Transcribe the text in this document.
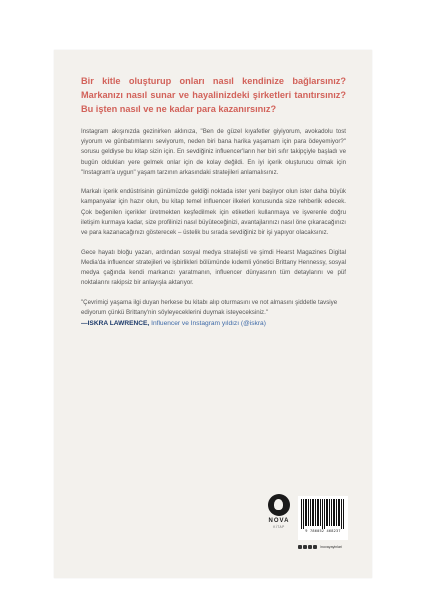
Bir kitle oluşturup onları nasıl kendinize bağlarsınız? Markanızı nasıl sunar ve hayalinizdeki şirketleri tanıtırsınız? Bu işten nasıl ve ne kadar para kazanırsınız?

Instagram akışınızda gezinirken aklınıza, "Ben de güzel kıyafetler giyiyorum, avokadolu tost yiyorum ve günbatımlarını seviyorum, neden biri bana harika yaşamam için para ödeyemiyor?" sorusu geldiyse bu kitap sizin için. En sevdiğiniz influencer'ların her biri sıfır takipçiyle başladı ve bugün oldukları yere gelmek onlar için de kolay değildi. En iyi içerik oluşturucu olmak için "Instagram'a uygun" yaşam tarzının arkasındaki stratejileri anlamalısınız.

Markalı içerik endüstrisinin günümüzde geldiği noktada ister yeni başlıyor olun ister daha büyük kampanyalar için hazır olun, bu kitap temel influencer ilkeleri konusunda size rehberlik edecek. Çok beğenilen içerikler üretmekten keşfedilmek için etiketleri kullanmaya ve işverenle doğru iletişim kurmaya kadar, size profilinizi nasıl büyüteceğinizi, avantajlarınızı nasıl öne çıkaracağınızı ve para kazanacağınızı gösterecek – üstelik bu sırada sevdiğiniz bir işi yapıyor olacaksınız.

Gece hayatı bloğu yazarı, ardından sosyal medya stratejisti ve şimdi Hearst Magazines Digital Media'da influencer stratejileri ve işbirlikleri bölümünde kıdemli yönetici Brittany Hennessy, sosyal medya çağında kendi markanızı yaratmanın, influencer dünyasının tüm detaylarını ve püf noktalarını rakipsiz bir anlayışla aktarıyor.

"Çevrimiçi yaşama ilgi duyan herkese bu kitabı alıp oturmasını ve not almasını şiddetle tavsiye ediyorum çünkü Brittany'nin söyleyeceklerini duymak isteyeceksiniz."

—ISKRA LAWRENCE, Influencer ve Instagram yıldızı (@iskra)

NOVA
KİTAP
9 786052 468237
/novayayinlari
